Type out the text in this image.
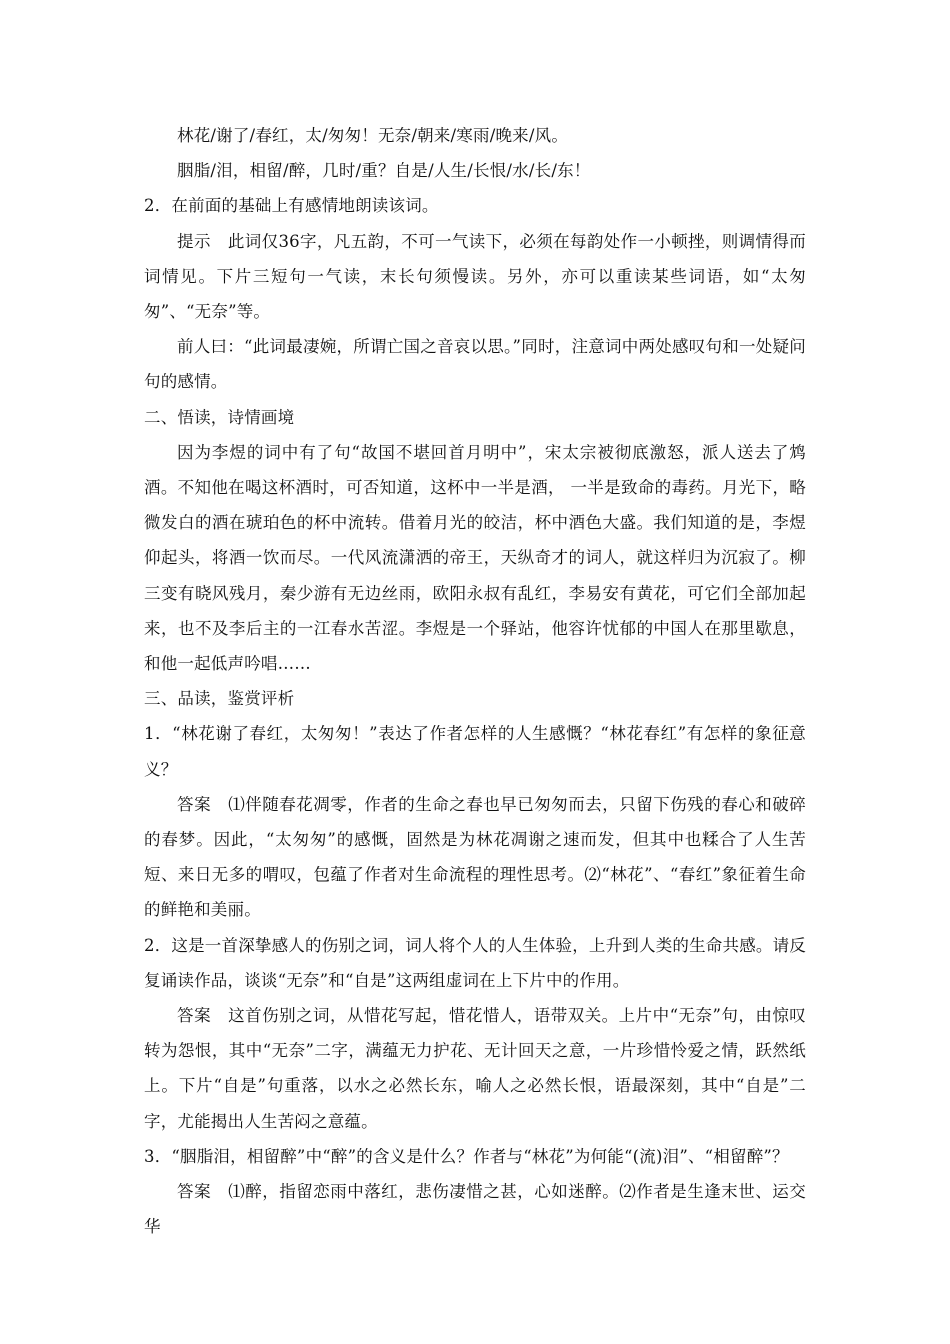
林花/谢了/春红，太/匆匆！无奈/朝来/寒雨/晚来/风。

胭脂/泪，相留/醉，几时/重？自是/人生/长恨/水/长/东！

2．在前面的基础上有感情地朗读该词。

提示　此词仅36字，凡五韵，不可一气读下，必须在每韵处作一小顿挫，则调情得而词情见。下片三短句一气读，末长句须慢读。另外，亦可以重读某些词语，如“太匆匆”、“无奈”等。

前人曰：“此词最凄婉，所谓亡国之音哀以思。”同时，注意词中两处感叹句和一处疑问句的感情。

二、悟读，诗情画境

因为李煜的词中有了句“故国不堪回首月明中”，宋太宗被彻底激怒，派人送去了鸩酒。不知他在喝这杯酒时，可否知道，这杯中一半是酒， 一半是致命的毒药。月光下，略微发白的酒在琥珀色的杯中流转。借着月光的皎洁，杯中酒色大盛。我们知道的是，李煜仰起头，将酒一饮而尽。一代风流潇洒的帝王，天纵奇才的词人，就这样归为沉寂了。柳三变有晓风残月，秦少游有无边丝雨，欧阳永叔有乱红，李易安有黄花，可它们全部加起来，也不及李后主的一江春水苦涩。李煜是一个驿站，他容许忧郁的中国人在那里歇息，和他一起低声吟唱……

三、品读，鉴赏评析

1．“林花谢了春红，太匆匆！”表达了作者怎样的人生感慨？“林花春红”有怎样的象征意义？

答案　⑴伴随春花凋零，作者的生命之春也早已匆匆而去，只留下伤残的春心和破碎的春梦。因此，“太匆匆”的感慨，固然是为林花凋谢之速而发，但其中也糅合了人生苦短、来日无多的喟叹，包蕴了作者对生命流程的理性思考。⑵“林花”、“春红”象征着生命的鲜艳和美丽。

2．这是一首深挚感人的伤别之词，词人将个人的人生体验，上升到人类的生命共感。请反复诵读作品，谈谈“无奈”和“自是”这两组虚词在上下片中的作用。

答案　这首伤别之词，从惜花写起，惜花惜人，语带双关。上片中“无奈”句，由惊叹转为怨恨，其中“无奈”二字，满蕴无力护花、无计回天之意，一片珍惜怜爱之情，跃然纸上。下片“自是”句重落，以水之必然长东，喻人之必然长恨，语最深刻，其中“自是”二字，尤能揭出人生苦闷之意蕴。

3．“胭脂泪，相留醉”中“醉”的含义是什么？作者与“林花”为何能“(流)泪”、“相留醉”？

答案　⑴醉，指留恋雨中落红，悲伤凄惜之甚，心如迷醉。⑵作者是生逢末世、运交华
